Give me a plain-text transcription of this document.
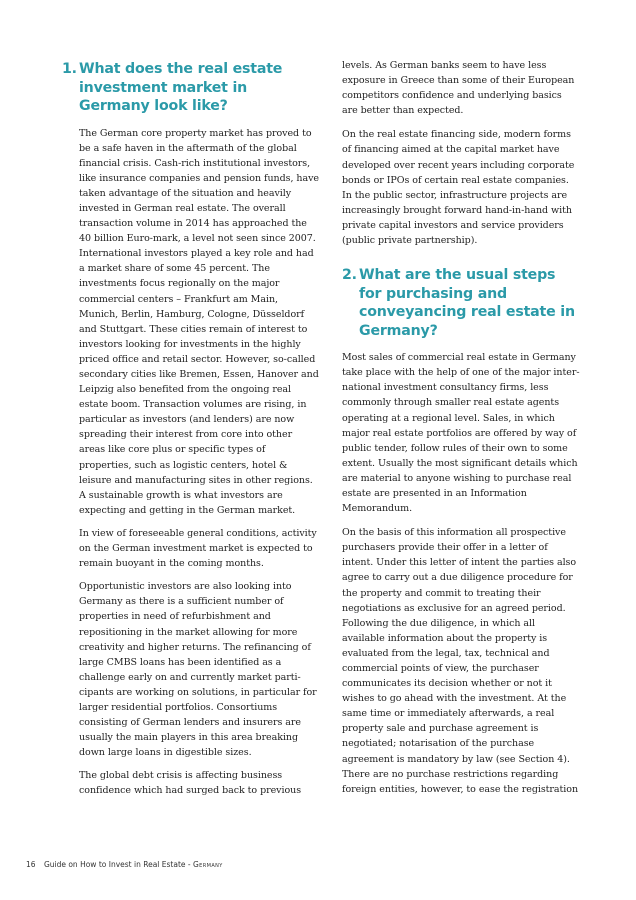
1. What does the real estate investment market in Germany look like?

The German core property market has proved to be a safe haven in the aftermath of the global financial crisis. Cash-rich institutional investors, like insurance companies and pension funds, have taken advantage of the situation and heavily invested in German real estate. The overall transaction volume in 2014 has approached the 40 billion Euro-mark, a level not seen since 2007. International investors played a key role and had a market share of some 45 percent. The investments focus regionally on the major commercial centers – Frankfurt am Main, Munich, Berlin, Hamburg, Cologne, Düsseldorf and Stuttgart. These cities remain of interest to investors looking for investments in the highly priced office and retail sector. However, so-called secondary cities like Bremen, Essen, Hanover and Leipzig also benefited from the ongoing real estate boom. Transaction volumes are rising, in particular as investors (and lenders) are now spreading their interest from core into other areas like core plus or specific types of properties, such as logistic centers, hotel & leisure and manufacturing sites in other regions. A sustainable growth is what investors are expecting and getting in the German market.

In view of foreseeable general conditions, activity on the German investment market is expected to remain buoyant in the coming months.

Opportunistic investors are also looking into Germany as there is a sufficient number of properties in need of refurbishment and repositioning in the market allowing for more creativity and higher returns. The refinancing of large CMBS loans has been identified as a challenge early on and currently market parti-cipants are working on solutions, in particular for larger residential portfolios. Consortiums consisting of German lenders and insurers are usually the main players in this area breaking down large loans in digestible sizes.

The global debt crisis is affecting business confidence which had surged back to previous

levels. As German banks seem to have less exposure in Greece than some of their European competitors confidence and underlying basics are better than expected.

On the real estate financing side, modern forms of financing aimed at the capital market have developed over recent years including corporate bonds or IPOs of certain real estate companies. In the public sector, infrastructure projects are increasingly brought forward hand-in-hand with private capital investors and service providers (public private partnership).

2. What are the usual steps for purchasing and conveyancing real estate in Germany?

Most sales of commercial real estate in Germany take place with the help of one of the major inter-national investment consultancy firms, less commonly through smaller real estate agents operating at a regional level. Sales, in which major real estate portfolios are offered by way of public tender, follow rules of their own to some extent. Usually the most significant details which are material to anyone wishing to purchase real estate are presented in an Information Memorandum.

On the basis of this information all prospective purchasers provide their offer in a letter of intent. Under this letter of intent the parties also agree to carry out a due diligence procedure for the property and commit to treating their negotiations as exclusive for an agreed period. Following the due diligence, in which all available information about the property is evaluated from the legal, tax, technical and commercial points of view, the purchaser communicates its decision whether or not it wishes to go ahead with the investment. At the same time or immediately afterwards, a real property sale and purchase agreement is negotiated; notarisation of the purchase agreement is mandatory by law (see Section 4). There are no purchase restrictions regarding foreign entities, however, to ease the registration

16 Guide on How to Invest in Real Estate - Germany
